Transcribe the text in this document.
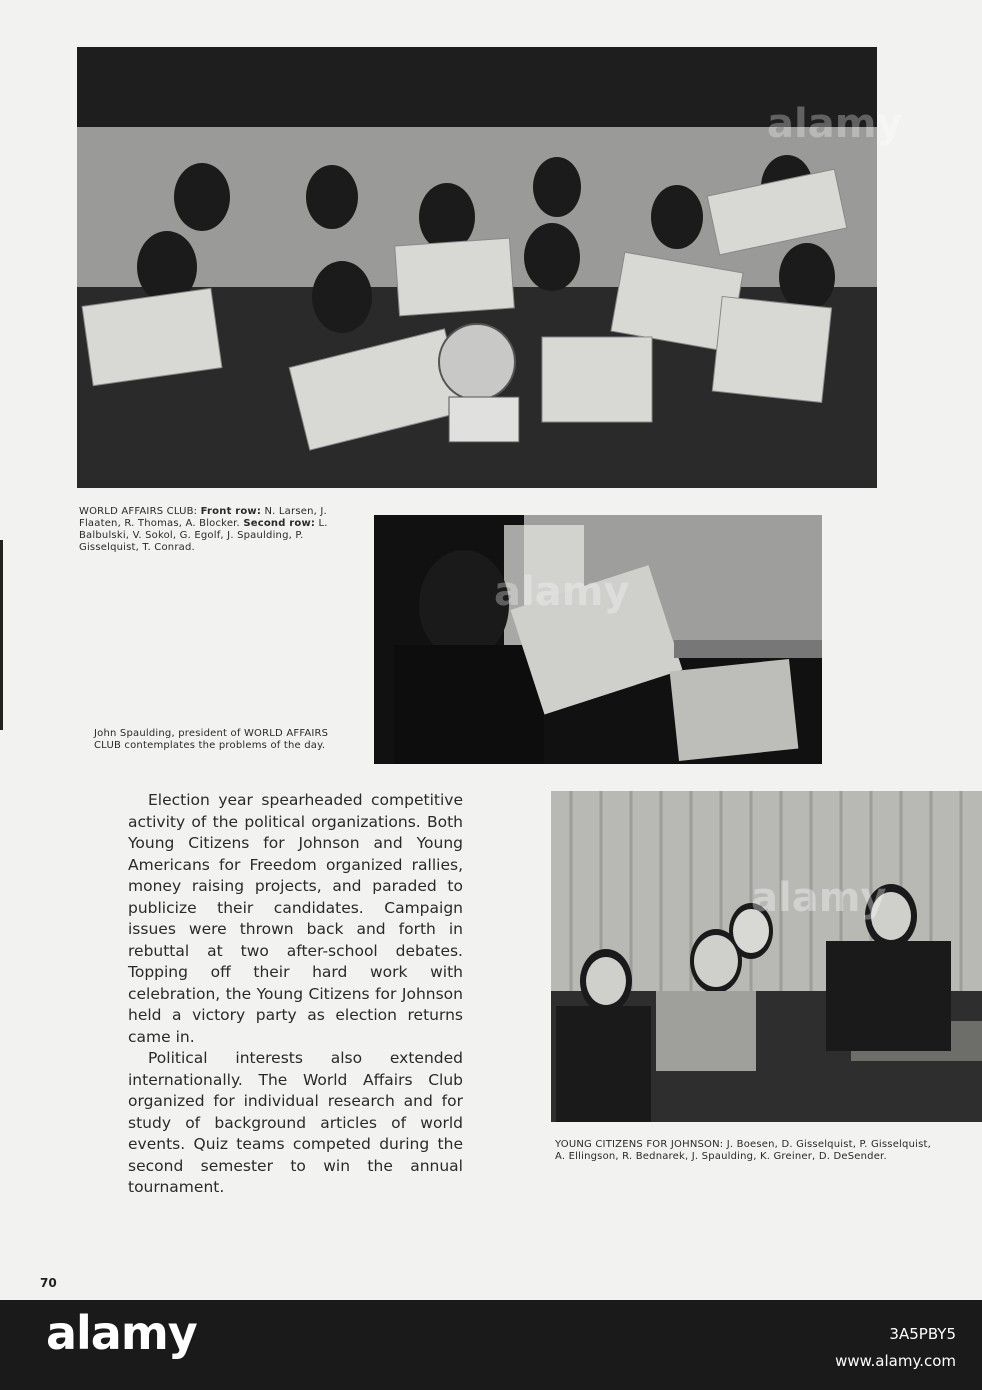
alamy
WORLD AFFAIRS CLUB: Front row: N. Larsen, J. Flaaten, R. Thomas, A. Blocker. Second row: L. Balbulski, V. Sokol, G. Egolf, J. Spaulding, P. Gisselquist, T. Conrad.
alamy
John Spaulding, president of WORLD AFFAIRS CLUB contemplates the problems of the day.

Election year spearheaded competitive activity of the political organizations. Both Young Citizens for Johnson and Young Americans for Freedom organized rallies, money raising projects, and paraded to publicize their candidates. Campaign issues were thrown back and forth in rebuttal at two after-school debates. Topping off their hard work with celebration, the Young Citizens for Johnson held a victory party as election returns came in.

Political interests also extended internationally. The World Affairs Club organized for individual research and for study of background articles of world events. Quiz teams competed during the second semester to win the annual tournament.

alamy
YOUNG CITIZENS FOR JOHNSON: J. Boesen, D. Gisselquist, P. Gisselquist, A. Ellingson, R. Bednarek, J. Spaulding, K. Greiner, D. DeSender.
70
alamy	3A5PBY5
www.alamy.com
